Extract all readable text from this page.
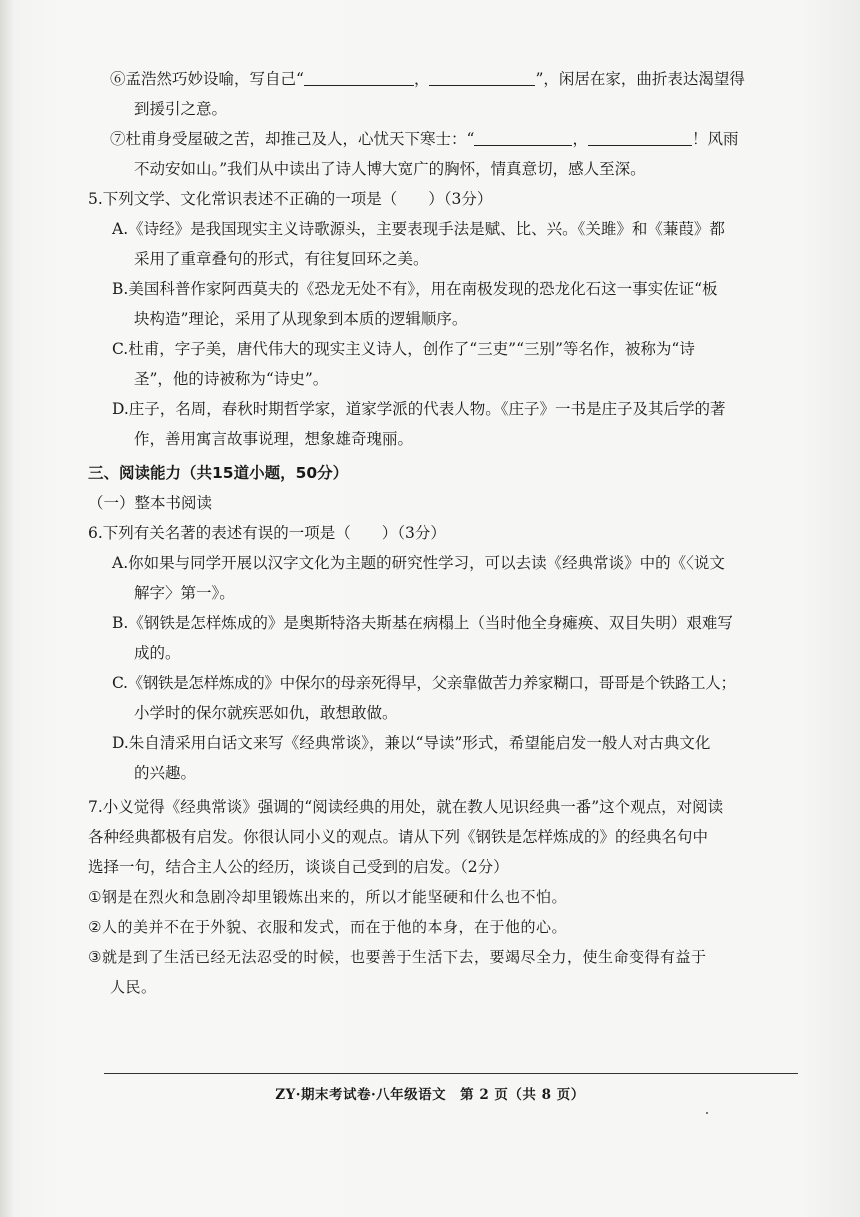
⑥孟浩然巧妙设喻，写自己“	，	”，闲居在家，曲折表达渴望得

到援引之意。

⑦杜甫身受屋破之苦，却推己及人，心忧天下寒士：“	，	！风雨

不动安如山。”我们从中读出了诗人博大宽广的胸怀，情真意切，感人至深。

5.下列文学、文化常识表述不正确的一项是（　　）（3分）

A.《诗经》是我国现实主义诗歌源头，主要表现手法是赋、比、兴。《关雎》和《蒹葭》都

采用了重章叠句的形式，有往复回环之美。

B.美国科普作家阿西莫夫的《恐龙无处不有》，用在南极发现的恐龙化石这一事实佐证“板

块构造”理论，采用了从现象到本质的逻辑顺序。

C.杜甫，字子美，唐代伟大的现实主义诗人，创作了“三吏”“三别”等名作，被称为“诗

圣”，他的诗被称为“诗史”。

D.庄子，名周，春秋时期哲学家，道家学派的代表人物。《庄子》一书是庄子及其后学的著

作，善用寓言故事说理，想象雄奇瑰丽。

三、阅读能力（共15道小题，50分）

（一）整本书阅读

6.下列有关名著的表述有误的一项是（　　）（3分）

A.你如果与同学开展以汉字文化为主题的研究性学习，可以去读《经典常谈》中的《〈说文

解字〉第一》。

B.《钢铁是怎样炼成的》是奥斯特洛夫斯基在病榻上（当时他全身瘫痪、双目失明）艰难写

成的。

C.《钢铁是怎样炼成的》中保尔的母亲死得早，父亲靠做苦力养家糊口，哥哥是个铁路工人；

小学时的保尔就疾恶如仇，敢想敢做。

D.朱自清采用白话文来写《经典常谈》，兼以“导读”形式，希望能启发一般人对古典文化

的兴趣。

7.小义觉得《经典常谈》强调的“阅读经典的用处，就在教人见识经典一番”这个观点，对阅读

各种经典都极有启发。你很认同小义的观点。请从下列《钢铁是怎样炼成的》的经典名句中

选择一句，结合主人公的经历，谈谈自己受到的启发。（2分）

①钢是在烈火和急剧冷却里锻炼出来的，所以才能坚硬和什么也不怕。

②人的美并不在于外貌、衣服和发式，而在于他的本身，在于他的心。

③就是到了生活已经无法忍受的时候，也要善于生活下去，要竭尽全力，使生命变得有益于

人民。

ZY·期末考试卷·八年级语文　第 2 页（共 8 页）
